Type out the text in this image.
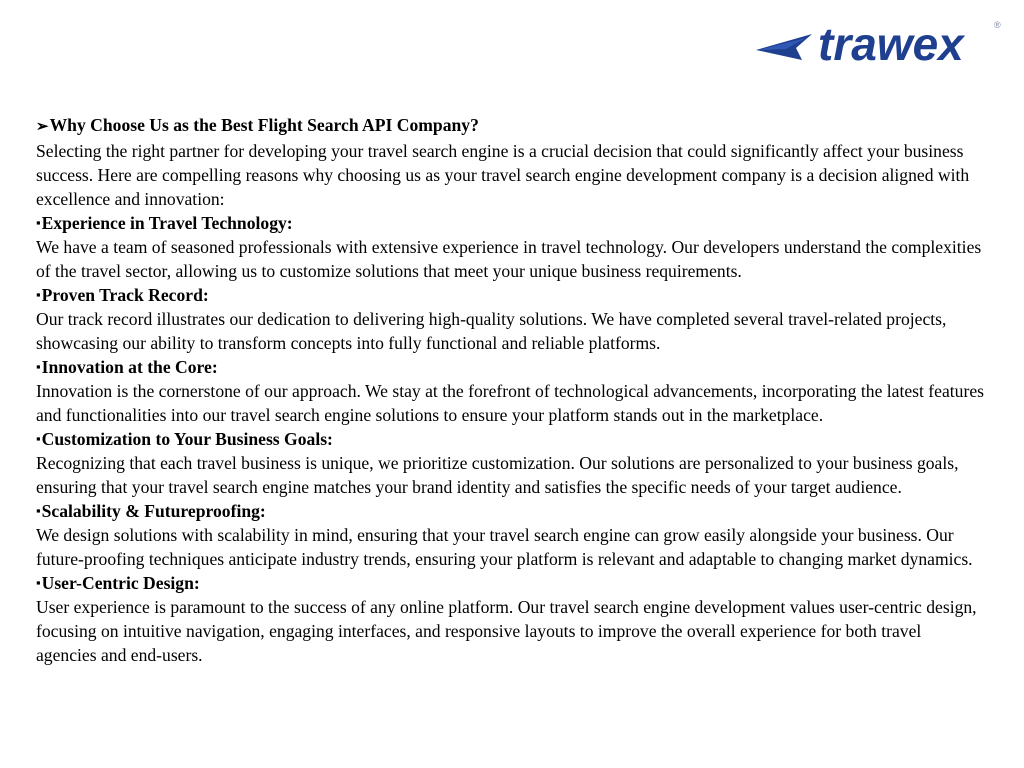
trawex	®

➢Why Choose Us as the Best Flight Search API Company?

Selecting the right partner for developing your travel search engine is a crucial decision that could significantly affect your business success. Here are compelling reasons why choosing us as your travel search engine development company is a decision aligned with excellence and innovation:

▪Experience in Travel Technology:

We have a team of seasoned professionals with extensive experience in travel technology. Our developers understand the complexities of the travel sector, allowing us to customize solutions that meet your unique business requirements.

▪Proven Track Record:

Our track record illustrates our dedication to delivering high-quality solutions. We have completed several travel-related projects, showcasing our ability to transform concepts into fully functional and reliable platforms.

▪Innovation at the Core:

Innovation is the cornerstone of our approach. We stay at the forefront of technological advancements, incorporating the latest features and functionalities into our travel search engine solutions to ensure your platform stands out in the marketplace.

▪Customization to Your Business Goals:

Recognizing that each travel business is unique, we prioritize customization. Our solutions are personalized to your business goals, ensuring that your travel search engine matches your brand identity and satisfies the specific needs of your target audience.

▪Scalability & Futureproofing:

We design solutions with scalability in mind, ensuring that your travel search engine can grow easily alongside your business. Our future-proofing techniques anticipate industry trends, ensuring your platform is relevant and adaptable to changing market dynamics.

▪User-Centric Design:

User experience is paramount to the success of any online platform. Our travel search engine development values user-centric design, focusing on intuitive navigation, engaging interfaces, and responsive layouts to improve the overall experience for both travel agencies and end-users.
